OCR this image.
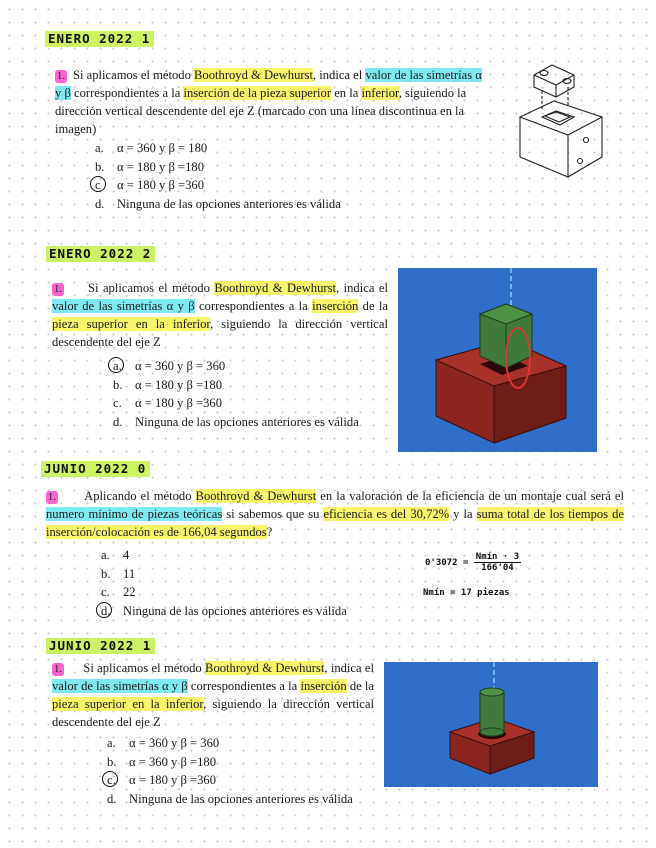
ENERO 2022 1

1. Si aplicamos el método Boothroyd & Dewhurst, indica el valor de las simetrías α y β correspondientes a la inserción de la pieza superior en la inferior, siguiendo la dirección vertical descendente del eje Z (marcado con una línea discontinua en la imagen)

a. α = 360 y β = 180
b. α = 180 y β =180
c α = 180 y β =360
d. Ninguna de las opciones anteriores es válida
ENERO 2022 2

1. Si aplicamos el método Boothroyd & Dewhurst, indica el valor de las simetrías α y β correspondientes a la inserción de la pieza superior en la inferior, siguiendo la dirección vertical descendente del eje Z

a. α = 360 y β = 360
b. α = 180 y β =180
c. α = 180 y β =360
d. Ninguna de las opciones anteriores es válida
JUNIO 2022 0

1. Aplicando el método Boothroyd & Dewhurst en la valoración de la eficiencia de un montaje cual será el numero mínimo de piezas teóricas si sabemos que su eficiencia es del 30,72% y la suma total de los tiempos de inserción/colocación es de 166,04 segundos?

a. 4
b. 11
c. 22
d. Ninguna de las opciones anteriores es válida
$0'3072 = \frac{\text{Nmín · 3}}{166'04}$
Nmín = 17 piezas
JUNIO 2022 1

1. Si aplicamos el método Boothroyd & Dewhurst, indica el valor de las simetrías α y β correspondientes a la inserción de la pieza superior en la inferior, siguiendo la dirección vertical descendente del eje Z

a. α = 360 y β = 360
b. α = 360 y β =180
c. α = 180 y β =360
d. Ninguna de las opciones anteriores es válida
